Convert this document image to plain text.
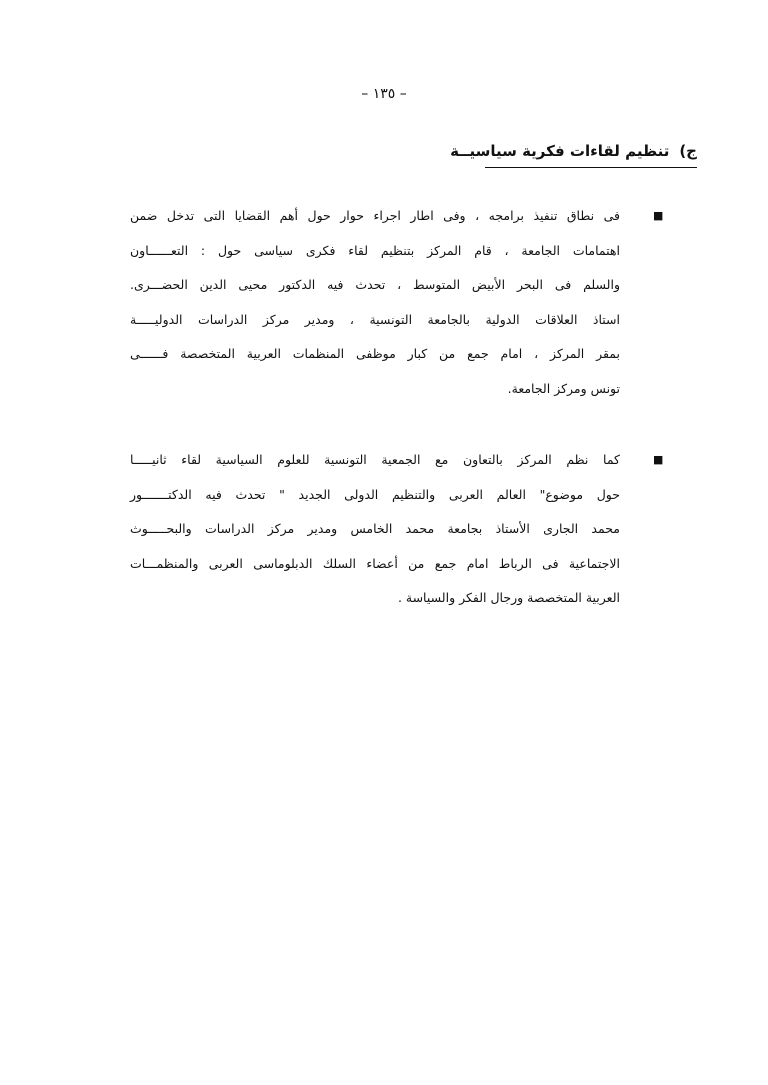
– ١٣٥ –
ج)تنظيم لقاءات فكرية سياسيــة
■
فى نطاق تنفيذ برامجه ، وفى اطار اجراء حوار حول أهم القضايا التى تدخل ضمن
اهتمامات الجامعة ، قام المركز بتنظيم لقاء فكرى سياسى حول : التعــــــاون
والسلم فى البحر الأبيض المتوسط ، تحدث فيه الدكتور محيى الدين الحضـــرى.
استاذ العلاقات الدولية بالجامعة التونسية ، ومدير مركز الدراسات الدوليـــــة
بمقر المركز ، امام جمع من كبار موظفى المنظمات العربية المتخصصة فــــــى
تونس ومركز الجامعة.
■
كما نظم المركز بالتعاون مع الجمعية التونسية للعلوم السياسية لقاء ثانيـــــا
حول موضوع" العالم العربى والتنظيم الدولى الجديد " تحدث فيه الدكتـــــــور
محمد الجارى الأستاذ بجامعة محمد الخامس ومدير مركز الدراسات والبحـــــوث
الاجتماعية فى الرباط امام جمع من أعضاء السلك الدبلوماسى العربى والمنظمـــات
العربية المتخصصة ورجال الفكر والسياسة .
